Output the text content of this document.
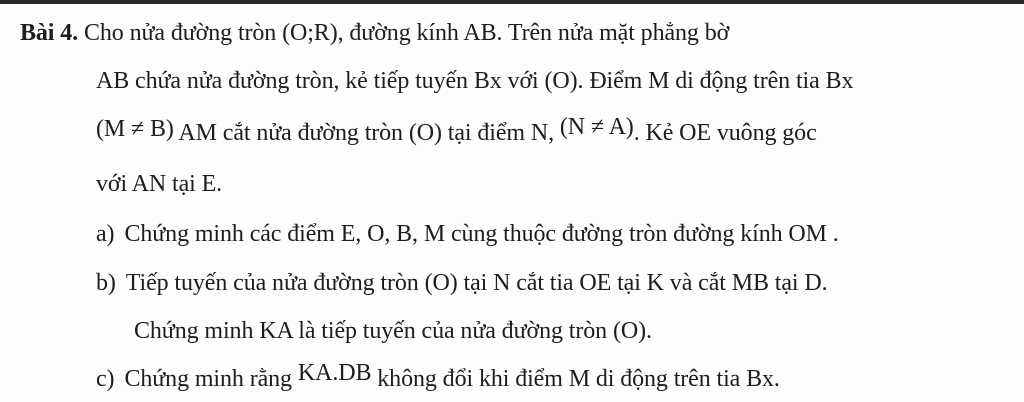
Bài 4. Cho nửa đường tròn (O;R), đường kính AB. Trên nửa mặt phẳng bờ
AB chứa nửa đường tròn, kẻ tiếp tuyến Bx với (O). Điểm M di động trên tia Bx
(M ≠ B) AM cắt nửa đường tròn (O) tại điểm N, (N ≠ A). Kẻ OE vuông góc
với AN tại E.
a) Chứng minh các điểm E, O, B, M cùng thuộc đường tròn đường kính OM .
b) Tiếp tuyến của nửa đường tròn (O) tại N cắt tia OE tại K và cắt MB tại D.
Chứng minh KA là tiếp tuyến của nửa đường tròn (O).
c) Chứng minh rằng KA.DB không đổi khi điểm M di động trên tia Bx.
